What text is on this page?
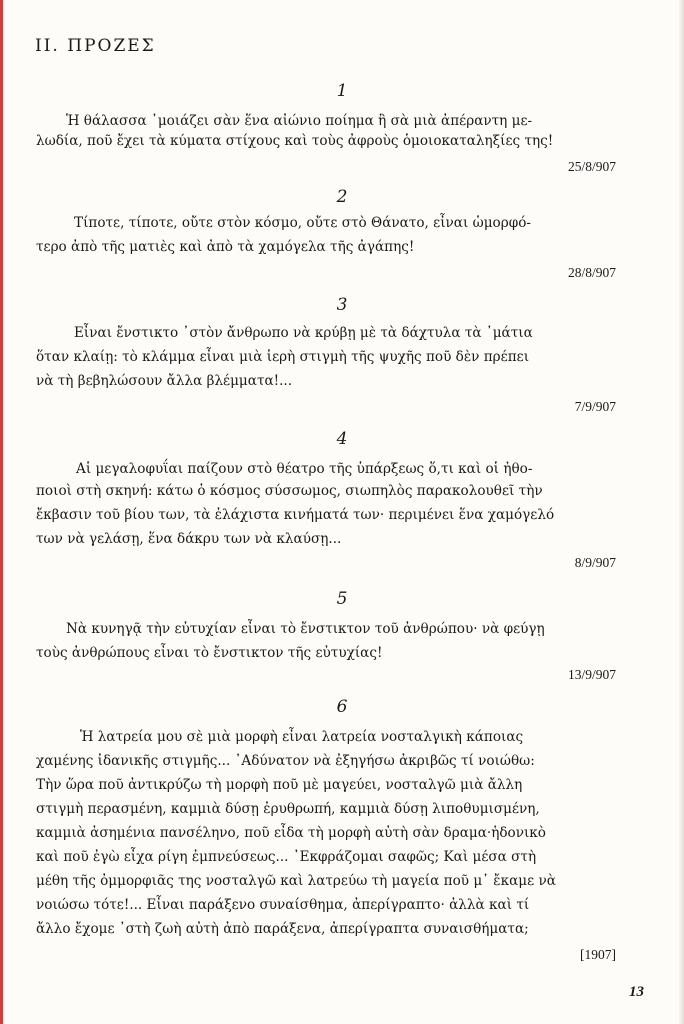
II. ΠΡΟΖΕΣ
1
Ἡ θάλασσα ᾽μοιάζει σὰν ἕνα αἰώνιο ποίημα ἢ σὰ μιὰ ἀπέραντη με-
λωδία, ποῦ ἔχει τὰ κύματα στίχους καὶ τοὺς ἀφροὺς ὁμοιοκαταληξίες της!
25/8/907
2
Τίποτε, τίποτε, οὔτε στὸν κόσμο, οὔτε στὸ Θάνατο, εἶναι ὡμορφό-
τερο ἀπὸ τῆς ματιὲς καὶ ἀπὸ τὰ χαμόγελα τῆς ἀγάπης!
28/8/907
3
Εἶναι ἔνστικτο ᾽στὸν ἄνθρωπο νὰ κρύβῃ μὲ τὰ δάχτυλα τὰ ᾽μάτια
ὅταν κλαίῃ: τὸ κλάμμα εἶναι μιὰ ἱερὴ στιγμὴ τῆς ψυχῆς ποῦ δὲν πρέπει
νὰ τὴ βεβηλώσουν ἄλλα βλέμματα!...
7/9/907
4
Αἱ μεγαλοφυΐαι παίζουν στὸ θέατρο τῆς ὑπάρξεως ὅ,τι καὶ οἱ ἠθο-
ποιοὶ στὴ σκηνή: κάτω ὁ κόσμος σύσσωμος, σιωπηλὸς παρακολουθεῖ τὴν
ἔκβασιν τοῦ βίου των, τὰ ἐλάχιστα κινήματά των· περιμένει ἕνα χαμόγελό
των νὰ γελάσῃ, ἕνα δάκρυ των νὰ κλαύσῃ...
8/9/907
5
Νὰ κυνηγᾷ τὴν εὐτυχίαν εἶναι τὸ ἔνστικτον τοῦ ἀνθρώπου· νὰ φεύγῃ
τοὺς ἀνθρώπους εἶναι τὸ ἔνστικτον τῆς εὐτυχίας!
13/9/907
6
Ἡ λατρεία μου σὲ μιὰ μορφὴ εἶναι λατρεία νοσταλγικὴ κάποιας
χαμένης ἰδανικῆς στιγμῆς... ᾽Αδύνατον νὰ ἐξηγήσω ἀκριβῶς τί νοιώθω:
Τὴν ὥρα ποῦ ἀντικρύζω τὴ μορφὴ ποῦ μὲ μαγεύει, νοσταλγῶ μιὰ ἄλλη
στιγμὴ περασμένη, καμμιὰ δύσῃ ἐρυθρωπή, καμμιὰ δύσῃ λιποθυμισμένη,
καμμιὰ ἀσημένια πανσέληνο, ποῦ εἶδα τὴ μορφὴ αὐτὴ σὰν δραμα·ἡδονικὸ
καὶ ποῦ ἐγὼ εἶχα ρίγη ἐμπνεύσεως... ᾽Εκφράζομαι σαφῶς; Καὶ μέσα στὴ
μέθη τῆς ὀμμορφιᾶς της νοσταλγῶ καὶ λατρεύω τὴ μαγεία ποῦ μ᾽ ἔκαμε νὰ
νοιώσω τότε!... Εἶναι παράξενο συναίσθημα, ἀπερίγραπτο· ἀλλὰ καὶ τί
ἄλλο ἔχομε ᾽στὴ ζωὴ αὐτὴ ἀπὸ παράξενα, ἀπερίγραπτα συναισθήματα;
[1907]
13
